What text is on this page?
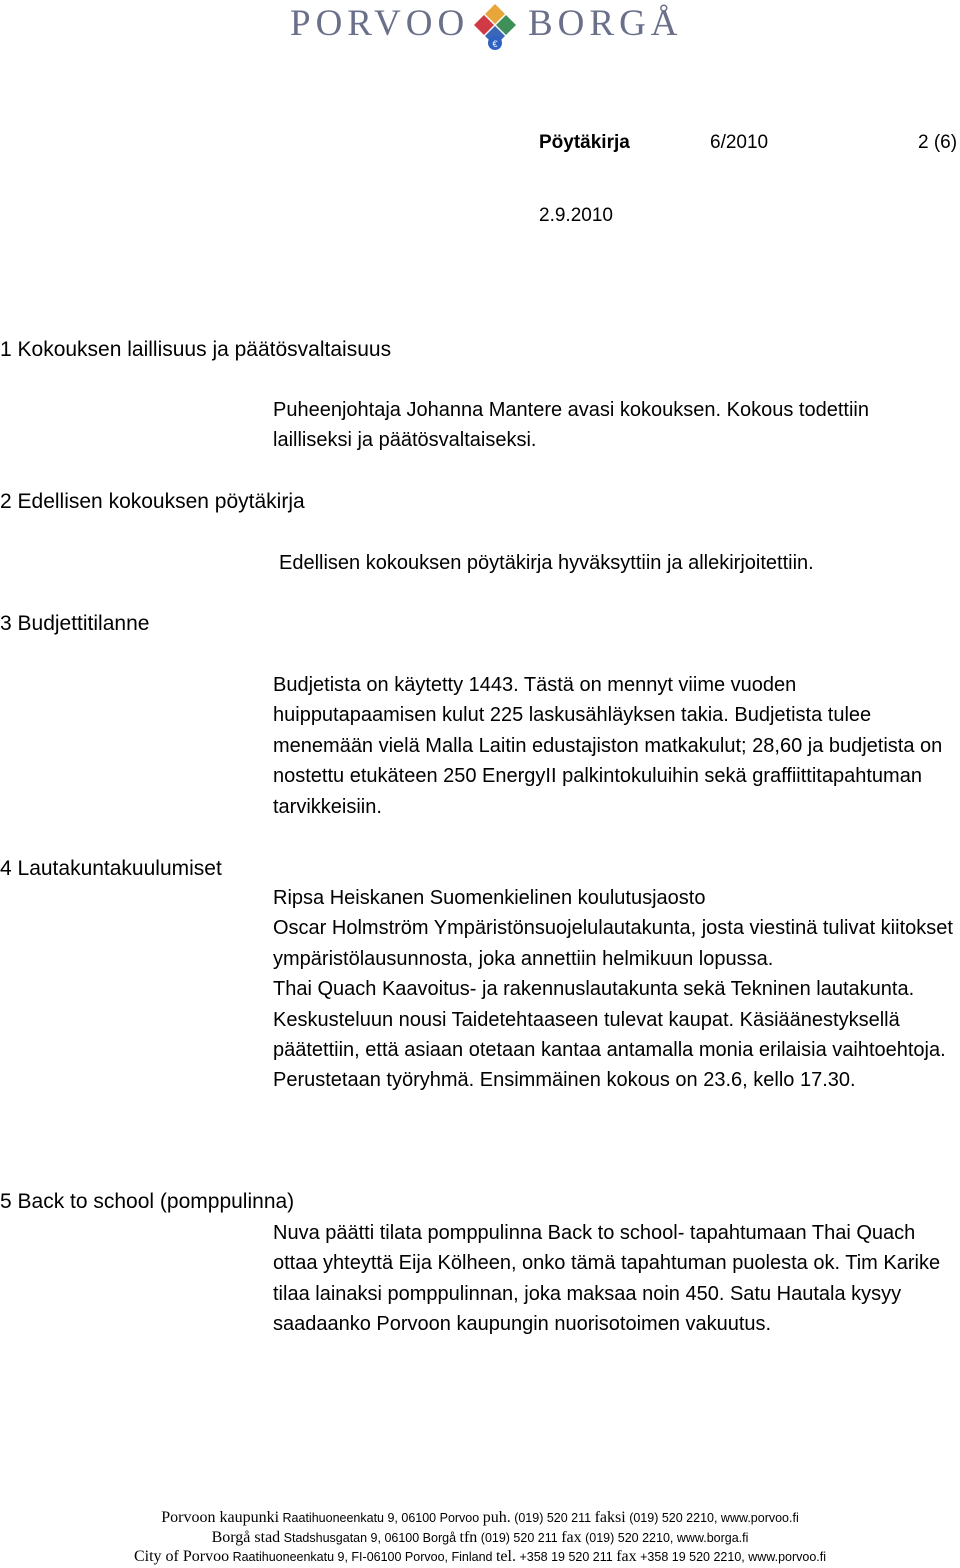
PORVOO	€ BORGÅ
Pöytäkirja	6/2010	2 (6)
2.9.2010
1 Kokouksen laillisuus ja päätösvaltaisuus

Puheenjohtaja Johanna Mantere avasi kokouksen. Kokous todettiin lailliseksi ja päätösvaltaiseksi.

2 Edellisen kokouksen pöytäkirja

Edellisen kokouksen pöytäkirja hyväksyttiin ja allekirjoitettiin.

3 Budjettitilanne

Budjetista on käytetty 1443. Tästä on mennyt viime vuoden huipputapaamisen kulut 225 laskusähläyksen takia. Budjetista tulee menemään vielä Malla Laitin edustajiston matkakulut; 28,60 ja budjetista on nostettu etukäteen 250 EnergyII palkintokuluihin sekä graffiittitapahtuman tarvikkeisiin.

4 Lautakuntakuulumiset

Ripsa Heiskanen Suomenkielinen koulutusjaosto

Oscar Holmström Ympäristönsuojelulautakunta, josta viestinä tulivat kiitokset ympäristölausunnosta, joka annettiin helmikuun lopussa.

Thai Quach Kaavoitus- ja rakennuslautakunta sekä Tekninen lautakunta. Keskusteluun nousi Taidetehtaaseen tulevat kaupat. Käsiäänestyksellä päätettiin, että asiaan otetaan kantaa antamalla monia erilaisia vaihtoehtoja. Perustetaan työryhmä. Ensimmäinen kokous on 23.6, kello 17.30.

5 Back to school (pomppulinna)

Nuva päätti tilata pomppulinna Back to school- tapahtumaan Thai Quach ottaa yhteyttä Eija Kölheen, onko tämä tapahtuman puolesta ok. Tim Karike tilaa lainaksi pomppulinnan, joka maksaa noin 450. Satu Hautala kysyy saadaanko Porvoon kaupungin nuorisotoimen vakuutus.

Porvoon kaupunki Raatihuoneenkatu 9, 06100 Porvoo puh. (019) 520 211 faksi (019) 520 2210, www.porvoo.fi
Borgå stad Stadshusgatan 9, 06100 Borgå tfn (019) 520 211 fax (019) 520 2210, www.borga.fi
City of Porvoo Raatihuoneenkatu 9, FI-06100 Porvoo, Finland tel. +358 19 520 211 fax +358 19 520 2210, www.porvoo.fi
